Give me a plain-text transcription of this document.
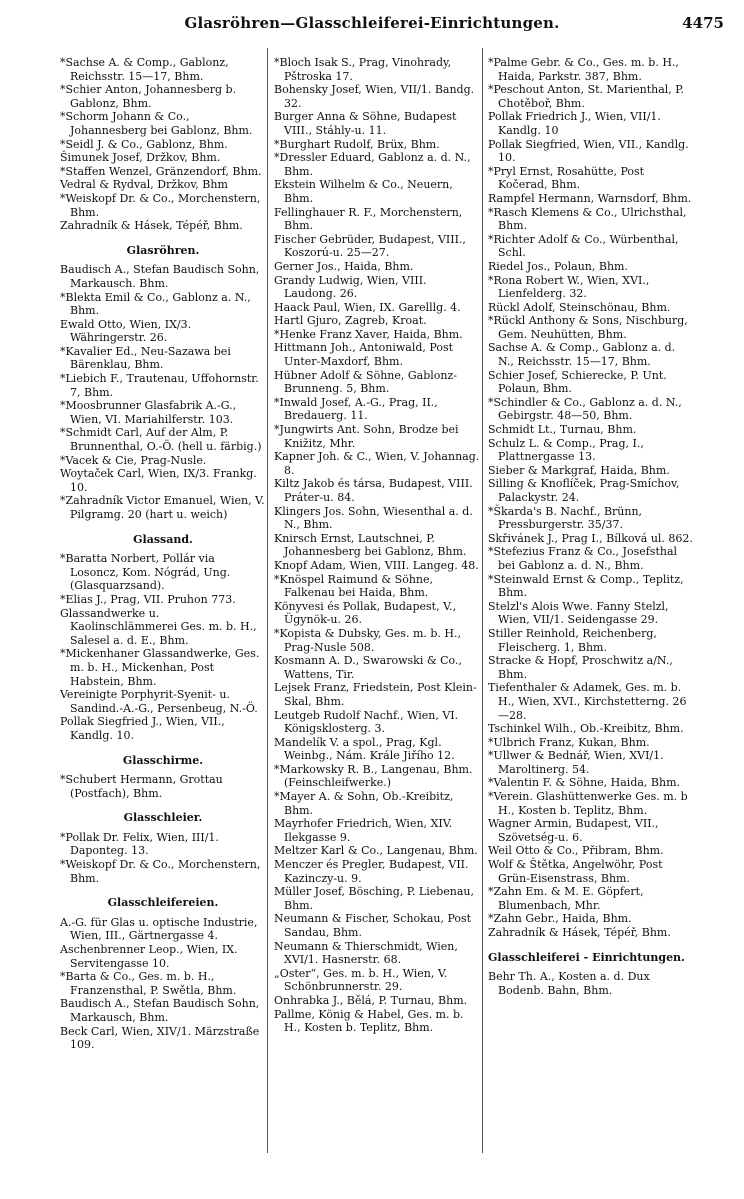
Glasröhren—Glasschleiferei-Einrichtungen.	4475

*Sachse A. & Comp., Gablonz, Reichsstr. 15—17, Bhm.

*Schier Anton, Johannesberg b. Gablonz, Bhm.

*Schorm Johann & Co., Johannesberg bei Gablonz, Bhm.

*Seidl J. & Co., Gablonz, Bhm.

Šimunek Josef, Držkov, Bhm.

*Staffen Wenzel, Gränzendorf, Bhm.

Vedral & Rydval, Držkov, Bhm

*Weiskopf Dr. & Co., Morchenstern, Bhm.

Zahradník & Hásek, Tépéř, Bhm.

Glasröhren.

Baudisch A., Stefan Baudisch Sohn, Markausch. Bhm.

*Blekta Emil & Co., Gablonz a. N., Bhm.

Ewald Otto, Wien, IX/3. Währingerstr. 26.

*Kavalier Ed., Neu-Sazawa bei Bärenklau, Bhm.

*Liebich F., Trautenau, Uffohornstr. 7, Bhm.

*Moosbrunner Glasfabrik A.-G., Wien, VI. Mariahilferstr. 103.

*Schmidt Carl, Auf der Alm, P. Brunnenthal, O.-Ö. (hell u. färbig.)

*Vacek & Cie, Prag-Nusle.

Woytaček Carl, Wien, IX/3. Frankg. 10.

*Zahradník Victor Emanuel, Wien, V. Pilgramg. 20 (hart u. weich)

Glassand.

*Baratta Norbert, Pollár via Losoncz, Kom. Nógrád, Ung. (Glasquarzsand).

*Elias J., Prag, VII. Pruhon 773.

Glassandwerke u. Kaolinschlämmerei Ges. m. b. H., Salesel a. d. E., Bhm.

*Mickenhaner Glassandwerke, Ges. m. b. H., Mickenhan, Post Habstein, Bhm.

Vereinigte Porphyrit-Syenit- u. Sandind.-A.-G., Persenbeug, N.-Ö.

Pollak Siegfried J., Wien, VII., Kandlg. 10.

Glasschirme.

*Schubert Hermann, Grottau (Postfach), Bhm.

Glasschleier.

*Pollak Dr. Felix, Wien, III/1. Daponteg. 13.

*Weiskopf Dr. & Co., Morchenstern, Bhm.

Glasschleifereien.

A.-G. für Glas u. optische Industrie, Wien, III., Gärtnergasse 4.

Aschenbrenner Leop., Wien, IX. Servitengasse 10.

*Barta & Co., Ges. m. b. H., Franzensthal, P. Swětla, Bhm.

Baudisch A., Stefan Baudisch Sohn, Markausch, Bhm.

Beck Carl, Wien, XIV/1. Märzstraße 109.

*Bloch Isak S., Prag, Vinohrady, Pštroska 17.

Bohensky Josef, Wien, VII/1. Bandg. 32.

Burger Anna & Söhne, Budapest VIII., Stáhly-u. 11.

*Burghart Rudolf, Brüx, Bhm.

*Dressler Eduard, Gablonz a. d. N., Bhm.

Ekstein Wilhelm & Co., Neuern, Bhm.

Fellinghauer R. F., Morchenstern, Bhm.

Fischer Gebrüder, Budapest, VIII., Koszorú-u. 25—27.

Gerner Jos., Haida, Bhm.

Grandy Ludwig, Wien, VIII. Laudong. 26.

Haack Paul, Wien, IX. Garelllg. 4.

Hartl Gjuro, Zagreb, Kroat.

*Henke Franz Xaver, Haida, Bhm.

Hittmann Joh., Antoniwald, Post Unter-Maxdorf, Bhm.

Hübner Adolf & Söhne, Gablonz-Brunneng. 5, Bhm.

*Inwald Josef, A.-G., Prag, II., Bredauerg. 11.

*Jungwirts Ant. Sohn, Brodze bei Knižitz, Mhr.

Kapner Joh. & C., Wien, V. Johannag. 8.

Kiltz Jakob és társa, Budapest, VIII. Práter-u. 84.

Klingers Jos. Sohn, Wiesenthal a. d. N., Bhm.

Knirsch Ernst, Lautschnei, P. Johannesberg bei Gablonz, Bhm.

Knopf Adam, Wien, VIII. Langeg. 48.

*Knöspel Raimund & Söhne, Falkenau bei Haida, Bhm.

Könyvesi és Pollak, Budapest, V., Ügynök-u. 26.

*Kopista & Dubsky, Ges. m. b. H., Prag-Nusle 508.

Kosmann A. D., Swarowski & Co., Wattens, Tir.

Lejsek Franz, Friedstein, Post Klein-Skal, Bhm.

Leutgeb Rudolf Nachf., Wien, VI. Königsklosterg. 3.

Mandelík V. a spol., Prag, Kgl. Weinbg., Nám. Krále Jiřího 12.

*Markowsky R. B., Langenau, Bhm. (Feinschleifwerke.)

*Mayer A. & Sohn, Ob.-Kreibitz, Bhm.

Mayrhofer Friedrich, Wien, XIV. Ilekgasse 9.

Meltzer Karl & Co., Langenau, Bhm.

Menczer és Pregler, Budapest, VII. Kazinczy-u. 9.

Müller Josef, Bösching, P. Liebenau, Bhm.

Neumann & Fischer, Schokau, Post Sandau, Bhm.

Neumann & Thierschmidt, Wien, XVI/1. Hasnerstr. 68.

„Oster“, Ges. m. b. H., Wien, V. Schönbrunnerstr. 29.

Onhrabka J., Bělá, P. Turnau, Bhm.

Pallme, König & Habel, Ges. m. b. H., Kosten b. Teplitz, Bhm.

*Palme Gebr. & Co., Ges. m. b. H., Haida, Parkstr. 387, Bhm.

*Peschout Anton, St. Marienthal, P. Chotěboř, Bhm.

Pollak Friedrich J., Wien, VII/1. Kandlg. 10

Pollak Siegfried, Wien, VII., Kandlg. 10.

*Pryl Ernst, Rosahütte, Post Kočerad, Bhm.

Rampfel Hermann, Warnsdorf, Bhm.

*Rasch Klemens & Co., Ulrichsthal, Bhm.

*Richter Adolf & Co., Würbenthal, Schl.

Riedel Jos., Polaun, Bhm.

*Rona Robert W., Wien, XVI., Lienfelderg. 32.

Rückl Adolf, Steinschönau, Bhm.

*Rückl Anthony & Sons, Nischburg, Gem. Neuhütten, Bhm.

Sachse A. & Comp., Gablonz a. d. N., Reichsstr. 15—17, Bhm.

Schier Josef, Schierecke, P. Unt. Polaun, Bhm.

*Schindler & Co., Gablonz a. d. N., Gebirgstr. 48—50, Bhm.

Schmidt Lt., Turnau, Bhm.

Schulz L. & Comp., Prag, I., Plattnergasse 13.

Sieber & Markgraf, Haida, Bhm.

Silling & Knoflíček, Prag-Smíchov, Palackystr. 24.

*Škarda's B. Nachf., Brünn, Pressburgerstr. 35/37.

Skřivánek J., Prag I., Bílková ul. 862.

*Stefezius Franz & Co., Josefsthal bei Gablonz a. d. N., Bhm.

*Steinwald Ernst & Comp., Teplitz, Bhm.

Stelzl's Alois Wwe. Fanny Stelzl, Wien, VII/1. Seidengasse 29.

Stiller Reinhold, Reichenberg, Fleischerg. 1, Bhm.

Stracke & Hopf, Proschwitz a/N., Bhm.

Tiefenthaler & Adamek, Ges. m. b. H., Wien, XVI., Kirchstetterng. 26—28.

Tschinkel Wilh., Ob.-Kreibitz, Bhm.

*Ulbrich Franz, Kukan, Bhm.

*Ullwer & Bednář, Wien, XVI/1. Maroltinerg. 54.

*Valentin F. & Söhne, Haida, Bhm.

*Verein. Glashüttenwerke Ges. m. b H., Kosten b. Teplitz, Bhm.

Wagner Armin, Budapest, VII., Szövetség-u. 6.

Weil Otto & Co., Přibram, Bhm.

Wolf & Štětka, Angelwöhr, Post Grün-Eisenstrass, Bhm.

*Zahn Em. & M. E. Göpfert, Blumenbach, Mhr.

*Zahn Gebr., Haida, Bhm.

Zahradník & Hásek, Tépéř, Bhm.

Glasschleiferei - Einrichtungen.

Behr Th. A., Kosten a. d. Dux Bodenb. Bahn, Bhm.
